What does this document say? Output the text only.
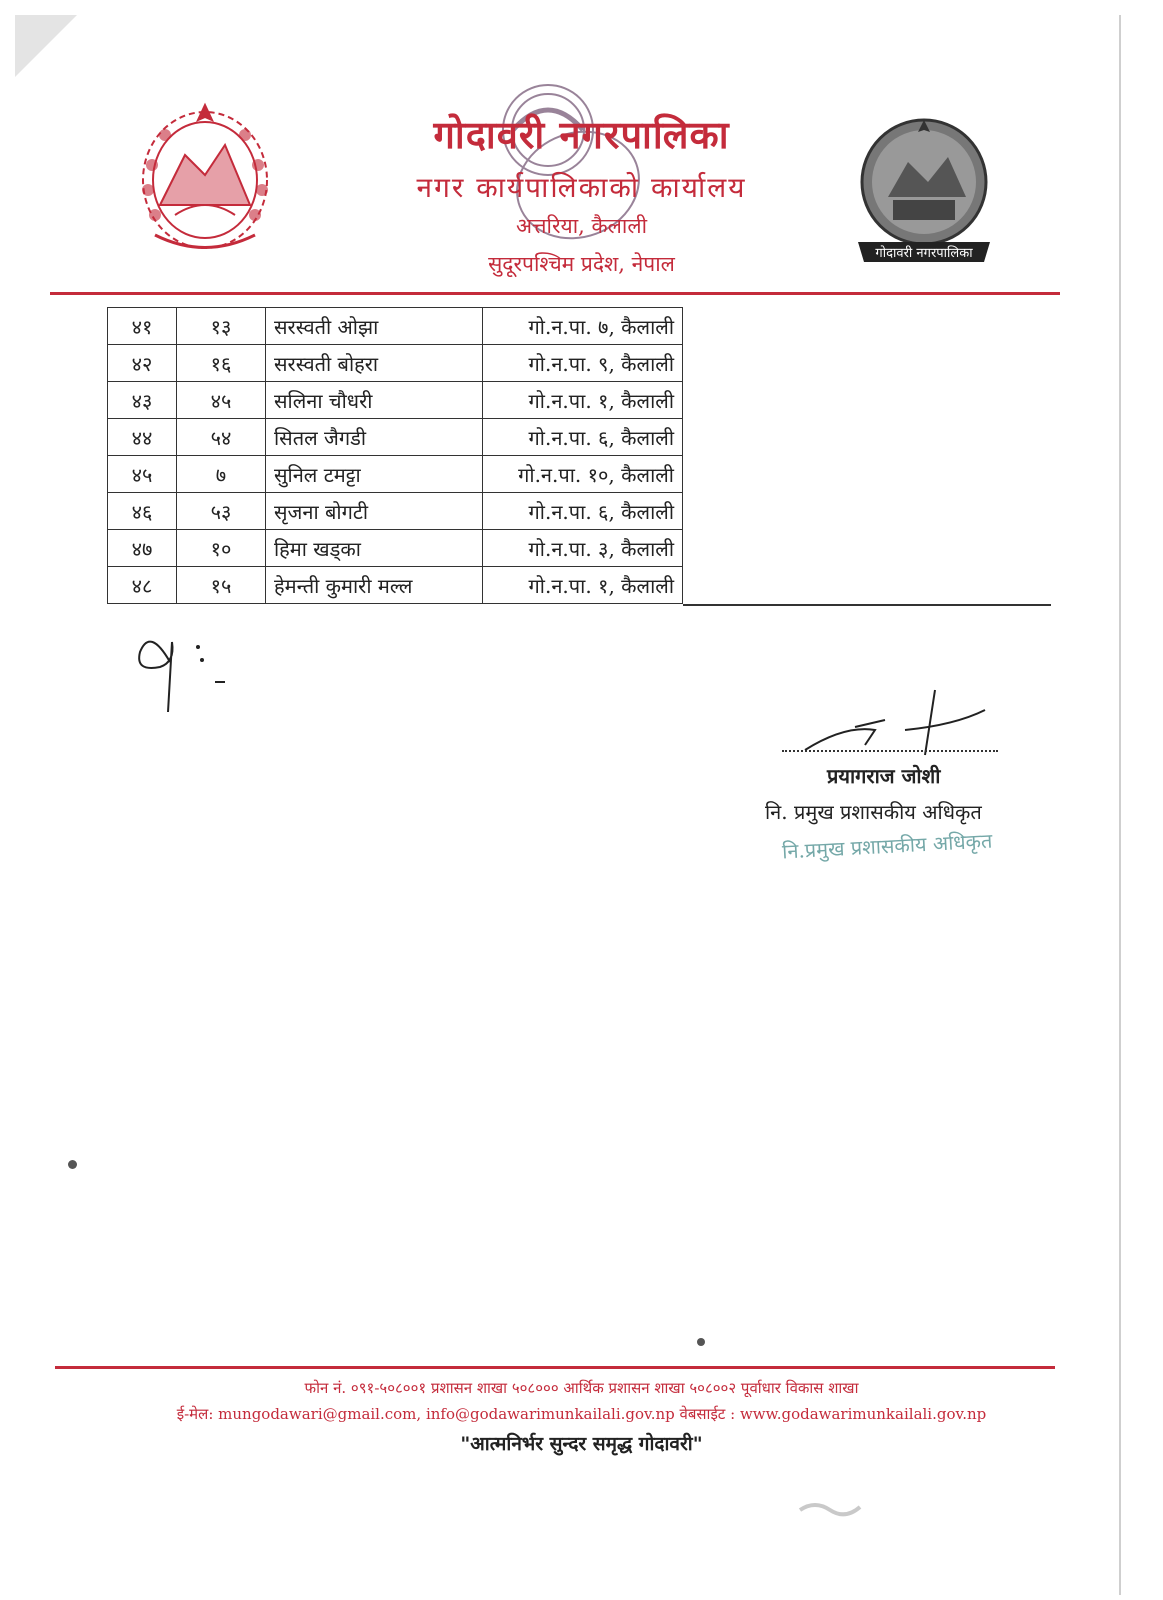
गोदावरी नगरपालिका
नगर कार्यपालिकाको कार्यालय
अत्तरिया, कैलाली
सुदूरपश्चिम प्रदेश, नेपाल	गोदावरी नगरपालिका
४१	१३	सरस्वती ओझा	गो.न.पा. ७, कैलाली
४२	१६	सरस्वती बोहरा	गो.न.पा. ९, कैलाली
४३	४५	सलिना चौधरी	गो.न.पा. १, कैलाली
४४	५४	सितल जैगडी	गो.न.पा. ६, कैलाली
४५	७	सुनिल टमट्टा	गो.न.पा. १०, कैलाली
४६	५३	सृजना बोगटी	गो.न.पा. ६, कैलाली
४७	१०	हिमा खड्का	गो.न.पा. ३, कैलाली
४८	१५	हेमन्ती कुमारी मल्ल	गो.न.पा. १, कैलाली
प्रयागराज जोशी
नि. प्रमुख प्रशासकीय अधिकृत
नि.प्रमुख प्रशासकीय अधिकृत
फोन नं. ०९१-५०८००१ प्रशासन शाखा ५०८००० आर्थिक प्रशासन शाखा ५०८००२ पूर्वाधार विकास शाखा
ई-मेल: mungodawari@gmail.com, info@godawarimunkailali.gov.np वेबसाईट : www.godawarimunkailali.gov.np
"आत्मनिर्भर सुन्दर समृद्ध गोदावरी"
